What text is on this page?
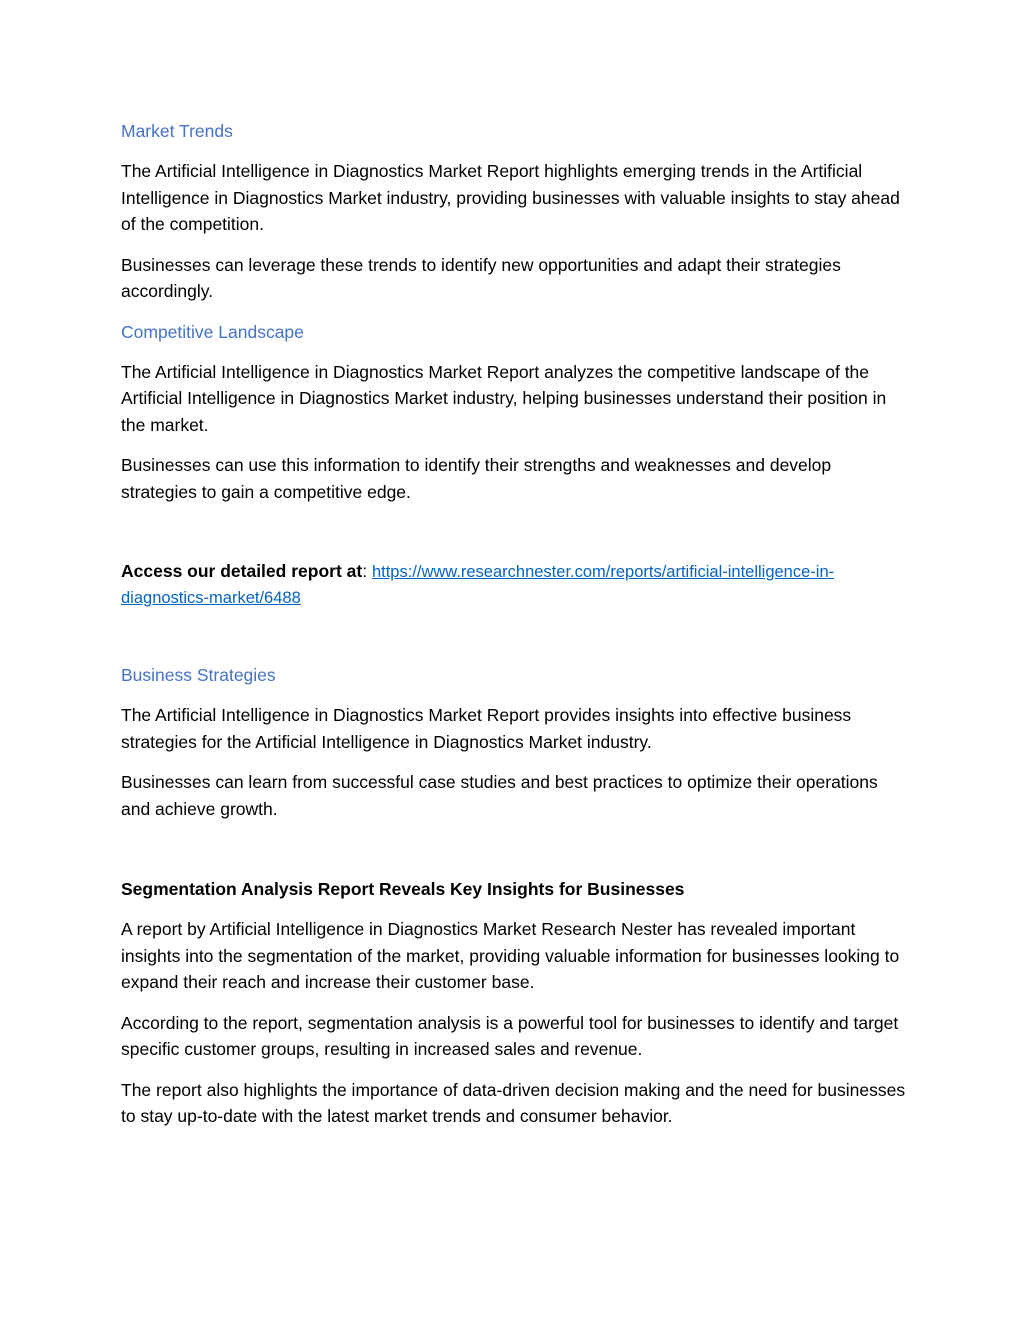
Market Trends

The Artificial Intelligence in Diagnostics Market Report highlights emerging trends in the Artificial Intelligence in Diagnostics Market industry, providing businesses with valuable insights to stay ahead of the competition.

Businesses can leverage these trends to identify new opportunities and adapt their strategies accordingly.

Competitive Landscape

The Artificial Intelligence in Diagnostics Market Report analyzes the competitive landscape of the Artificial Intelligence in Diagnostics Market industry, helping businesses understand their position in the market.

Businesses can use this information to identify their strengths and weaknesses and develop strategies to gain a competitive edge.

Access our detailed report at: https://www.researchnester.com/reports/artificial-intelligence-in-diagnostics-market/6488

Business Strategies

The Artificial Intelligence in Diagnostics Market Report provides insights into effective business strategies for the Artificial Intelligence in Diagnostics Market industry.

Businesses can learn from successful case studies and best practices to optimize their operations and achieve growth.

Segmentation Analysis Report Reveals Key Insights for Businesses

A report by Artificial Intelligence in Diagnostics Market Research Nester has revealed important insights into the segmentation of the market, providing valuable information for businesses looking to expand their reach and increase their customer base.

According to the report, segmentation analysis is a powerful tool for businesses to identify and target specific customer groups, resulting in increased sales and revenue.

The report also highlights the importance of data-driven decision making and the need for businesses to stay up-to-date with the latest market trends and consumer behavior.
